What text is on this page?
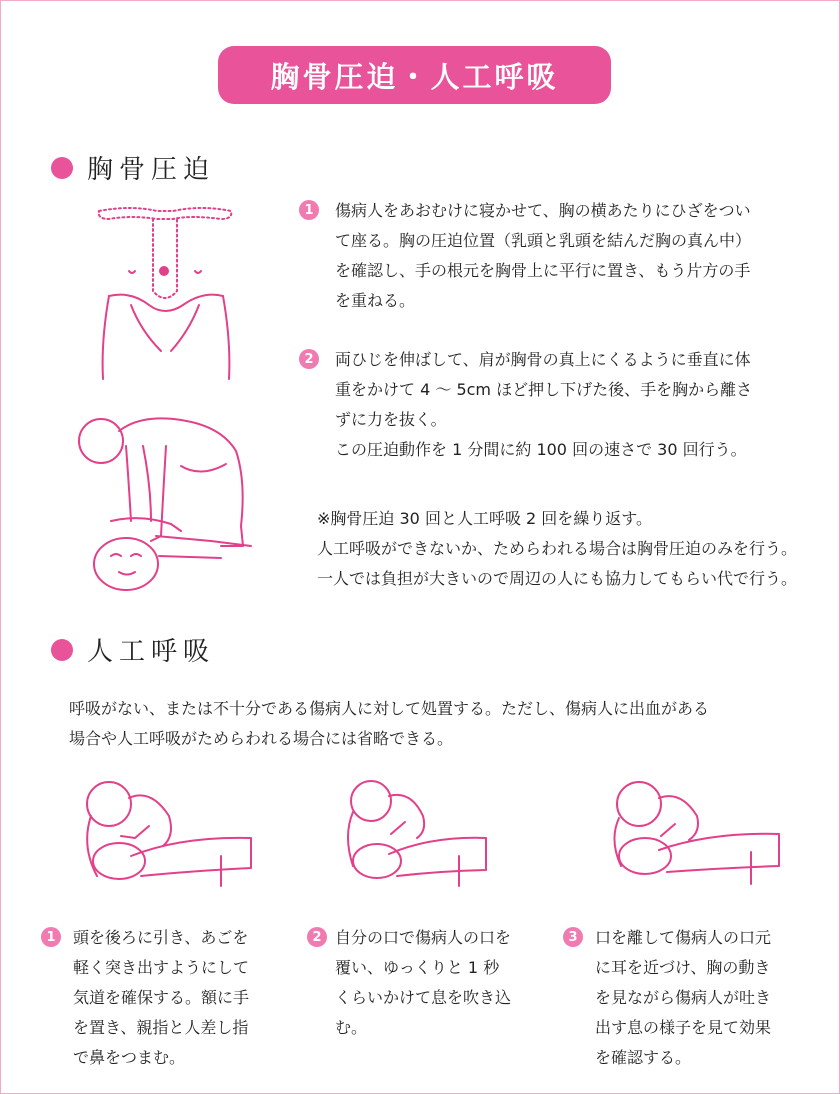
胸骨圧迫・人工呼吸
胸骨圧迫
1	傷病人をあおむけに寝かせて、胸の横あたりにひざをつい
て座る。胸の圧迫位置（乳頭と乳頭を結んだ胸の真ん中）
を確認し、手の根元を胸骨上に平行に置き、もう片方の手
を重ねる。
2	両ひじを伸ばして、肩が胸骨の真上にくるように垂直に体
重をかけて 4 ～ 5cm ほど押し下げた後、手を胸から離さ
ずに力を抜く。
この圧迫動作を 1 分間に約 100 回の速さで 30 回行う。
※胸骨圧迫 30 回と人工呼吸 2 回を繰り返す。
人工呼吸ができないか、ためらわれる場合は胸骨圧迫のみを行う。
一人では負担が大きいので周辺の人にも協力してもらい代で行う。
人工呼吸
呼吸がない、または不十分である傷病人に対して処置する。ただし、傷病人に出血がある
場合や人工呼吸がためらわれる場合には省略できる。
1	頭を後ろに引き、あごを
軽く突き出すようにして
気道を確保する。額に手
を置き、親指と人差し指
で鼻をつまむ。
2 自分の口で傷病人の口を
覆い、ゆっくりと 1 秒
くらいかけて息を吹き込
む。
3	口を離して傷病人の口元
に耳を近づけ、胸の動き
を見ながら傷病人が吐き
出す息の様子を見て効果
を確認する。
